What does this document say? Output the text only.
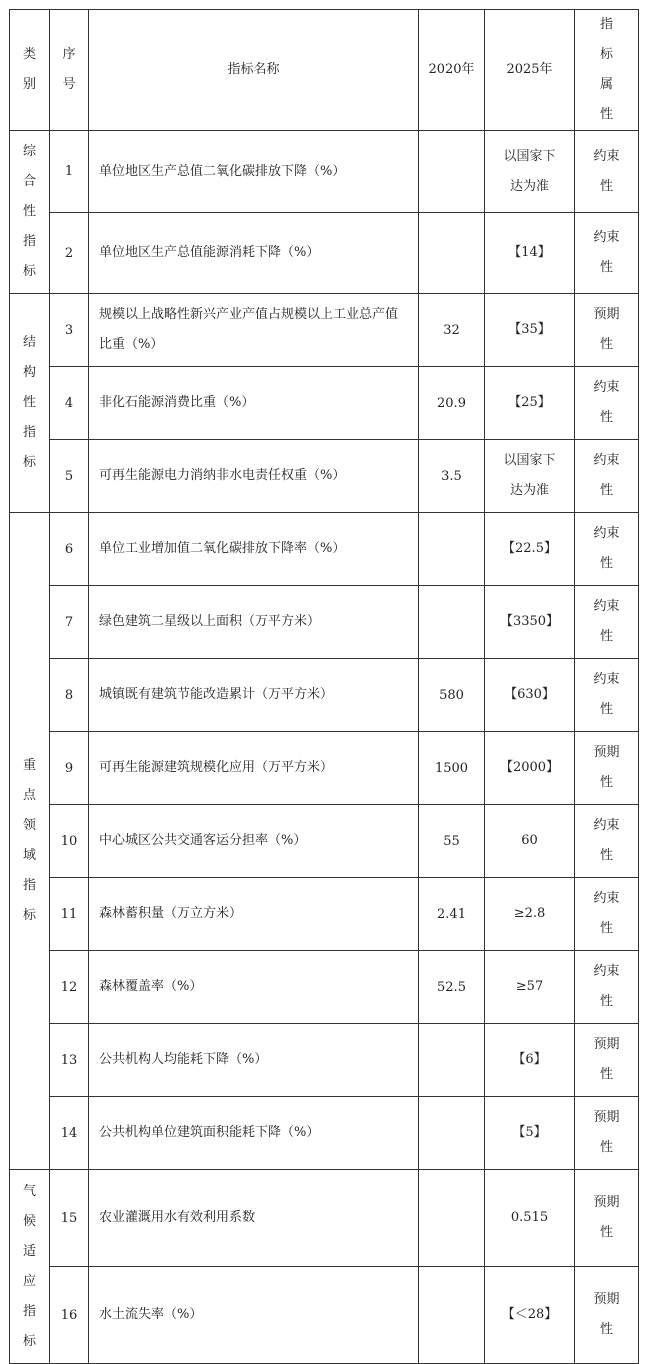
类别	序号	指标名称	2020年	2025年	指标属性

综合性指标	1	单位地区生产总值二氧化碳排放下降（%）		以国家下达为准	约束性
	2	单位地区生产总值能源消耗下降（%）		【14】	约束性

结构性指标	3	规模以上战略性新兴产业产值占规模以上工业总产值比重（%）	32	【35】	预期性
	4	非化石能源消费比重（%）	20.9	【25】	约束性
	5	可再生能源电力消纳非水电责任权重（%）	3.5	以国家下达为准	约束性

重点领域指标	6	单位工业增加值二氧化碳排放下降率（%）		【22.5】	约束性
	7	绿色建筑二星级以上面积（万平方米）		【3350】	约束性
	8	城镇既有建筑节能改造累计（万平方米）	580	【630】	约束性
	9	可再生能源建筑规模化应用（万平方米）	1500	【2000】	预期性
	10	中心城区公共交通客运分担率（%）	55	60	约束性
	11	森林蓄积量（万立方米）	2.41	≥2.8	约束性
	12	森林覆盖率（%）	52.5	≥57	约束性
	13	公共机构人均能耗下降（%）		【6】	预期性
	14	公共机构单位建筑面积能耗下降（%）		【5】	预期性

气候适应指标	15	农业灌溉用水有效利用系数		0.515	预期性
	16	水土流失率（%）		【＜28】	预期性
